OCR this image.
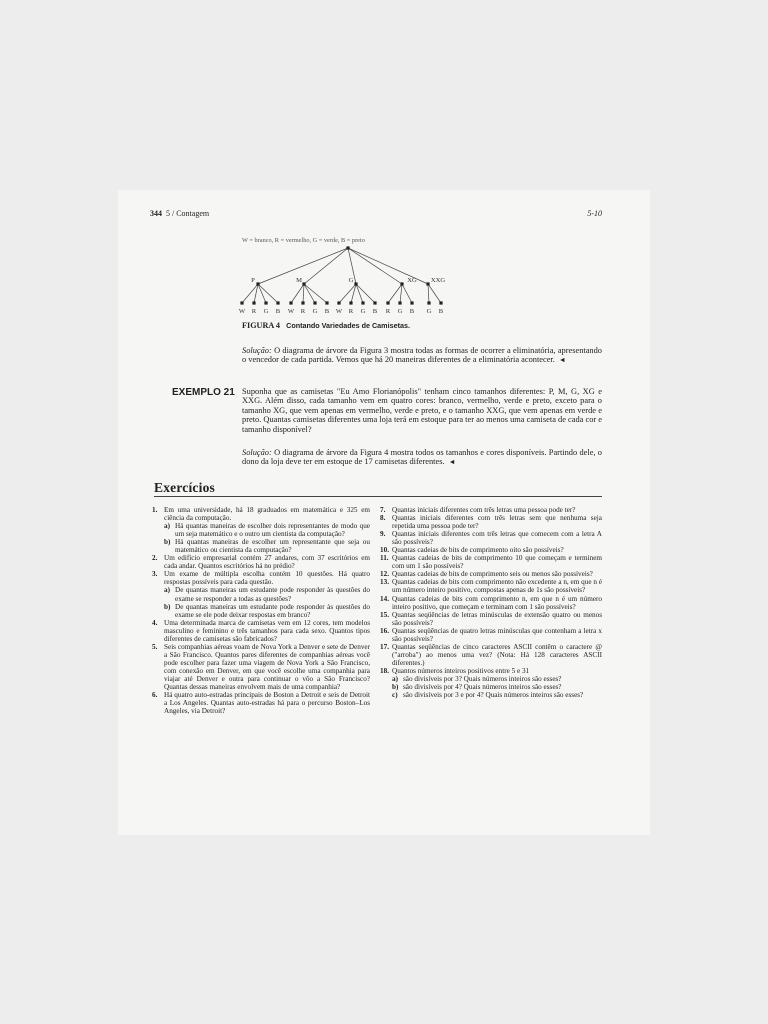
344 5 / Contagem	5-10
W = branco, R = vermelho, G = verde, B = preto
P
W R G B
M
W R G B
G
W R G B
XG
R G B
XXG
G B
FIGURA 4 Contando Variedades de Camisetas.
Solução: O diagrama de árvore da Figura 3 mostra todas as formas de ocorrer a eliminatória, apresentando o vencedor de cada partida. Vemos que há 20 maneiras diferentes de a eliminatória acontecer. ◄
EXEMPLO 21 Suponha que as camisetas "Eu Amo Florianópolis" tenham cinco tamanhos diferentes: P, M, G, XG e XXG. Além disso, cada tamanho vem em quatro cores: branco, vermelho, verde e preto, exceto para o tamanho XG, que vem apenas em vermelho, verde e preto, e o tamanho XXG, que vem apenas em verde e preto. Quantas camisetas diferentes uma loja terá em estoque para ter ao menos uma camiseta de cada cor e tamanho disponível?
Solução: O diagrama de árvore da Figura 4 mostra todos os tamanhos e cores disponíveis. Partindo dele, o dono da loja deve ter em estoque de 17 camisetas diferentes. ◄
Exercícios
1. Em uma universidade, há 18 graduados em matemática e 325 em ciência da computação.
a) Há quantas maneiras de escolher dois representantes de modo que um seja matemático e o outro um cientista da computação?
b) Há quantas maneiras de escolher um representante que seja ou matemático ou cientista da computação?
2. Um edifício empresarial contém 27 andares, com 37 escritórios em cada andar. Quantos escritórios há no prédio?
3. Um exame de múltipla escolha contém 10 questões. Há quatro respostas possíveis para cada questão.
a) De quantas maneiras um estudante pode responder às questões do exame se responder a todas as questões?
b) De quantas maneiras um estudante pode responder às questões do exame se ele pode deixar respostas em branco?
4. Uma determinada marca de camisetas vem em 12 cores, tem modelos masculino e feminino e três tamanhos para cada sexo. Quantos tipos diferentes de camisetas são fabricados?
5. Seis companhias aéreas voam de Nova York a Denver e sete de Denver a São Francisco. Quantos pares diferentes de companhias aéreas você pode escolher para fazer uma viagem de Nova York a São Francisco, com conexão em Denver, em que você escolhe uma companhia para viajar até Denver e outra para continuar o vôo a São Francisco? Quantas dessas maneiras envolvem mais de uma companhia?
6. Há quatro auto-estradas principais de Boston a Detroit e seis de Detroit a Los Angeles. Quantas auto-estradas há para o percurso Boston–Los Angeles, via Detroit?
7. Quantas iniciais diferentes com três letras uma pessoa pode ter?
8. Quantas iniciais diferentes com três letras sem que nenhuma seja repetida uma pessoa pode ter?
9. Quantas iniciais diferentes com três letras que comecem com a letra A são possíveis?
10. Quantas cadeias de bits de comprimento oito são possíveis?
11. Quantas cadeias de bits de comprimento 10 que começam e terminem com um 1 são possíveis?
12. Quantas cadeias de bits de comprimento seis ou menos são possíveis?
13. Quantas cadeias de bits com comprimento não excedente a n, em que n é um número inteiro positivo, compostas apenas de 1s são possíveis?
14. Quantas cadeias de bits com comprimento n, em que n é um número inteiro positivo, que começam e terminam com 1 são possíveis?
15. Quantas seqüências de letras minúsculas de extensão quatro ou menos são possíveis?
16. Quantas seqüências de quatro letras minúsculas que contenham a letra x são possíveis?
17. Quantas seqüências de cinco caracteres ASCII contêm o caractere @ ("arroba") ao menos uma vez? (Nota: Há 128 caracteres ASCII diferentes.)
18. Quantos números inteiros positivos entre 5 e 31
a) são divisíveis por 3? Quais números inteiros são esses?
b) são divisíveis por 4? Quais números inteiros são esses?
c) são divisíveis por 3 e por 4? Quais números inteiros são esses?
